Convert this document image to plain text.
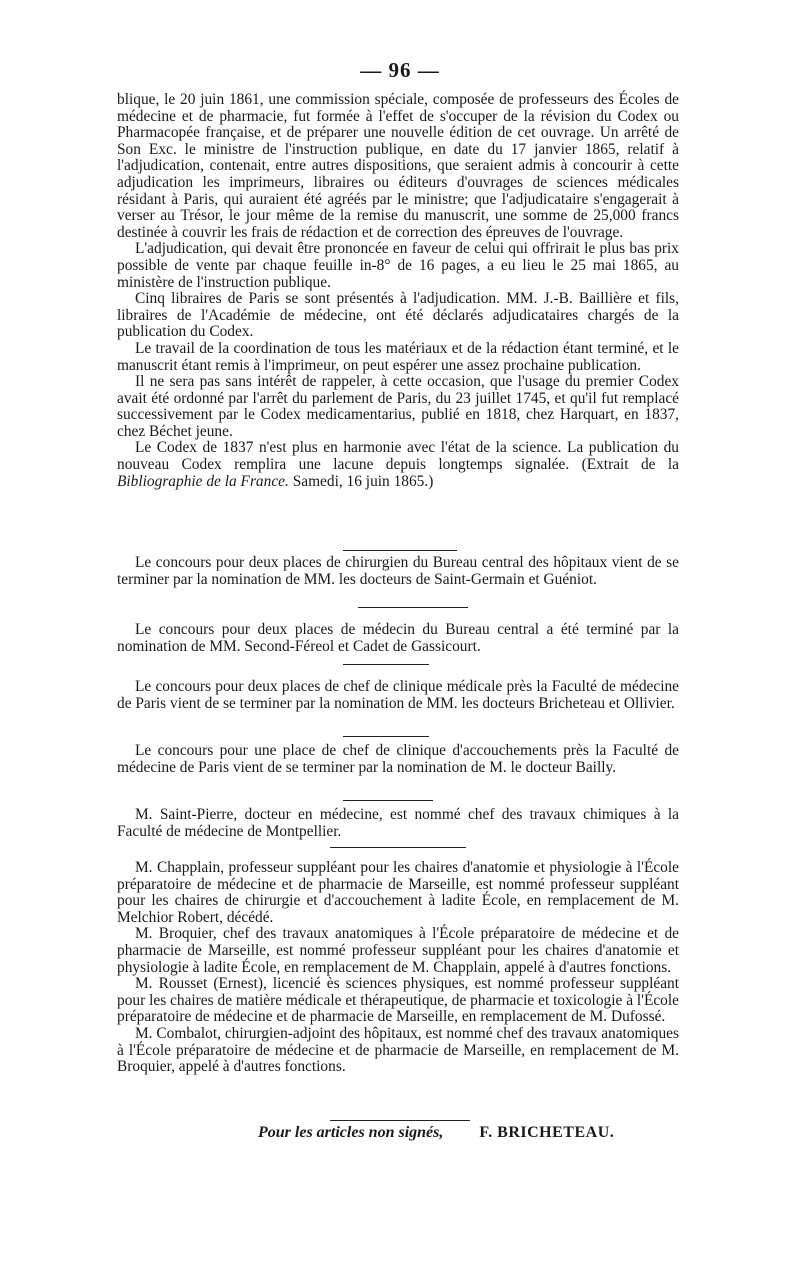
— 96 —

blique, le 20 juin 1861, une commission spéciale, composée de professeurs des Écoles de médecine et de pharmacie, fut formée à l'effet de s'occuper de la révision du Codex ou Pharmacopée française, et de préparer une nouvelle édition de cet ouvrage. Un arrêté de Son Exc. le ministre de l'instruction publique, en date du 17 janvier 1865, relatif à l'adjudication, contenait, entre autres dispositions, que seraient admis à concourir à cette adjudication les imprimeurs, libraires ou éditeurs d'ouvrages de sciences médicales résidant à Paris, qui auraient été agréés par le ministre; que l'adjudicataire s'engagerait à verser au Trésor, le jour même de la remise du manuscrit, une somme de 25,000 francs destinée à couvrir les frais de rédaction et de correction des épreuves de l'ouvrage.

L'adjudication, qui devait être prononcée en faveur de celui qui offrirait le plus bas prix possible de vente par chaque feuille in-8° de 16 pages, a eu lieu le 25 mai 1865, au ministère de l'instruction publique.

Cinq libraires de Paris se sont présentés à l'adjudication. MM. J.-B. Baillière et fils, libraires de l'Académie de médecine, ont été déclarés adjudicataires chargés de la publication du Codex.

Le travail de la coordination de tous les matériaux et de la rédaction étant terminé, et le manuscrit étant remis à l'imprimeur, on peut espérer une assez prochaine publication.

Il ne sera pas sans intérêt de rappeler, à cette occasion, que l'usage du premier Codex avait été ordonné par l'arrêt du parlement de Paris, du 23 juillet 1745, et qu'il fut remplacé successivement par le Codex medicamentarius, publié en 1818, chez Harquart, en 1837, chez Béchet jeune.

Le Codex de 1837 n'est plus en harmonie avec l'état de la science. La publication du nouveau Codex remplira une lacune depuis longtemps signalée. (Extrait de la Bibliographie de la France. Samedi, 16 juin 1865.)

Le concours pour deux places de chirurgien du Bureau central des hôpitaux vient de se terminer par la nomination de MM. les docteurs de Saint-Germain et Guéniot.

Le concours pour deux places de médecin du Bureau central a été terminé par la nomination de MM. Second-Féreol et Cadet de Gassicourt.

Le concours pour deux places de chef de clinique médicale près la Faculté de médecine de Paris vient de se terminer par la nomination de MM. les docteurs Bricheteau et Ollivier.

Le concours pour une place de chef de clinique d'accouchements près la Faculté de médecine de Paris vient de se terminer par la nomination de M. le docteur Bailly.

M. Saint-Pierre, docteur en médecine, est nommé chef des travaux chimiques à la Faculté de médecine de Montpellier.

M. Chapplain, professeur suppléant pour les chaires d'anatomie et physiologie à l'École préparatoire de médecine et de pharmacie de Marseille, est nommé professeur suppléant pour les chaires de chirurgie et d'accouchement à ladite École, en remplacement de M. Melchior Robert, décédé.

M. Broquier, chef des travaux anatomiques à l'École préparatoire de médecine et de pharmacie de Marseille, est nommé professeur suppléant pour les chaires d'anatomie et physiologie à ladite École, en remplacement de M. Chapplain, appelé à d'autres fonctions.

M. Rousset (Ernest), licencié ès sciences physiques, est nommé professeur suppléant pour les chaires de matière médicale et thérapeutique, de pharmacie et toxicologie à l'École préparatoire de médecine et de pharmacie de Marseille, en remplacement de M. Dufossé.

M. Combalot, chirurgien-adjoint des hôpitaux, est nommé chef des travaux anatomiques à l'École préparatoire de médecine et de pharmacie de Marseille, en remplacement de M. Broquier, appelé à d'autres fonctions.

Pour les articles non signés, F. BRICHETEAU.
